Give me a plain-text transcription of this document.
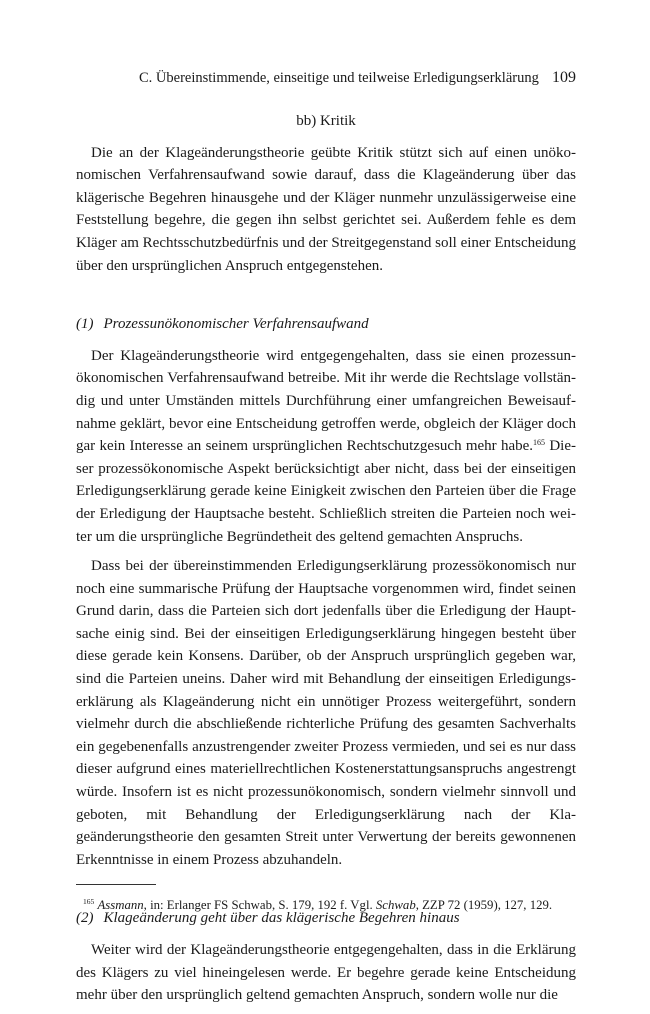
C. Übereinstimmende, einseitige und teilweise Erledigungserklärung 109

bb) Kritik

Die an der Klageänderungstheorie geübte Kritik stützt sich auf einen unökonomischen Verfahrensaufwand sowie darauf, dass die Klageänderung über das klägerische Begehren hinausgehe und der Kläger nunmehr unzulässigerweise eine Feststellung begehre, die gegen ihn selbst gerichtet sei. Außerdem fehle es dem Kläger am Rechtsschutzbedürfnis und der Streitgegenstand soll einer Entscheidung über den ursprünglichen Anspruch entgegenstehen.

(1) Prozessunökonomischer Verfahrensaufwand

Der Klageänderungstheorie wird entgegengehalten, dass sie einen prozessunökonomischen Verfahrensaufwand betreibe. Mit ihr werde die Rechtslage vollständig und unter Umständen mittels Durchführung einer umfangreichen Beweisaufnahme geklärt, bevor eine Entscheidung getroffen werde, obgleich der Kläger doch gar kein Interesse an seinem ursprünglichen Rechtschutzgesuch mehr habe.$^{165}$ Dieser prozessökonomische Aspekt berücksichtigt aber nicht, dass bei der einseitigen Erledigungserklärung gerade keine Einigkeit zwischen den Parteien über die Frage der Erledigung der Hauptsache besteht. Schließlich streiten die Parteien noch weiter um die ursprüngliche Begründetheit des geltend gemachten Anspruchs.

Dass bei der übereinstimmenden Erledigungserklärung prozessökonomisch nur noch eine summarische Prüfung der Hauptsache vorgenommen wird, findet seinen Grund darin, dass die Parteien sich dort jedenfalls über die Erledigung der Hauptsache einig sind. Bei der einseitigen Erledigungserklärung hingegen besteht über diese gerade kein Konsens. Darüber, ob der Anspruch ursprünglich gegeben war, sind die Parteien uneins. Daher wird mit Behandlung der einseitigen Erledigungserklärung als Klageänderung nicht ein unnötiger Prozess weitergeführt, sondern vielmehr durch die abschließende richterliche Prüfung des gesamten Sachverhalts ein gegebenenfalls anzustrengender zweiter Prozess vermieden, und sei es nur dass dieser aufgrund eines materiellrechtlichen Kostenerstattungsanspruchs angestrengt würde. Insofern ist es nicht prozessunökonomisch, sondern vielmehr sinnvoll und geboten, mit Behandlung der Erledigungserklärung nach der Klageänderungstheorie den gesamten Streit unter Verwertung der bereits gewonnenen Erkenntnisse in einem Prozess abzuhandeln.

(2) Klageänderung geht über das klägerische Begehren hinaus

Weiter wird der Klageänderungstheorie entgegengehalten, dass in die Erklärung des Klägers zu viel hineingelesen werde. Er begehre gerade keine Entscheidung mehr über den ursprünglich geltend gemachten Anspruch, sondern wolle nur die

$^{165}$ Assmann, in: Erlanger FS Schwab, S. 179, 192 f. Vgl. Schwab, ZZP 72 (1959), 127, 129.
